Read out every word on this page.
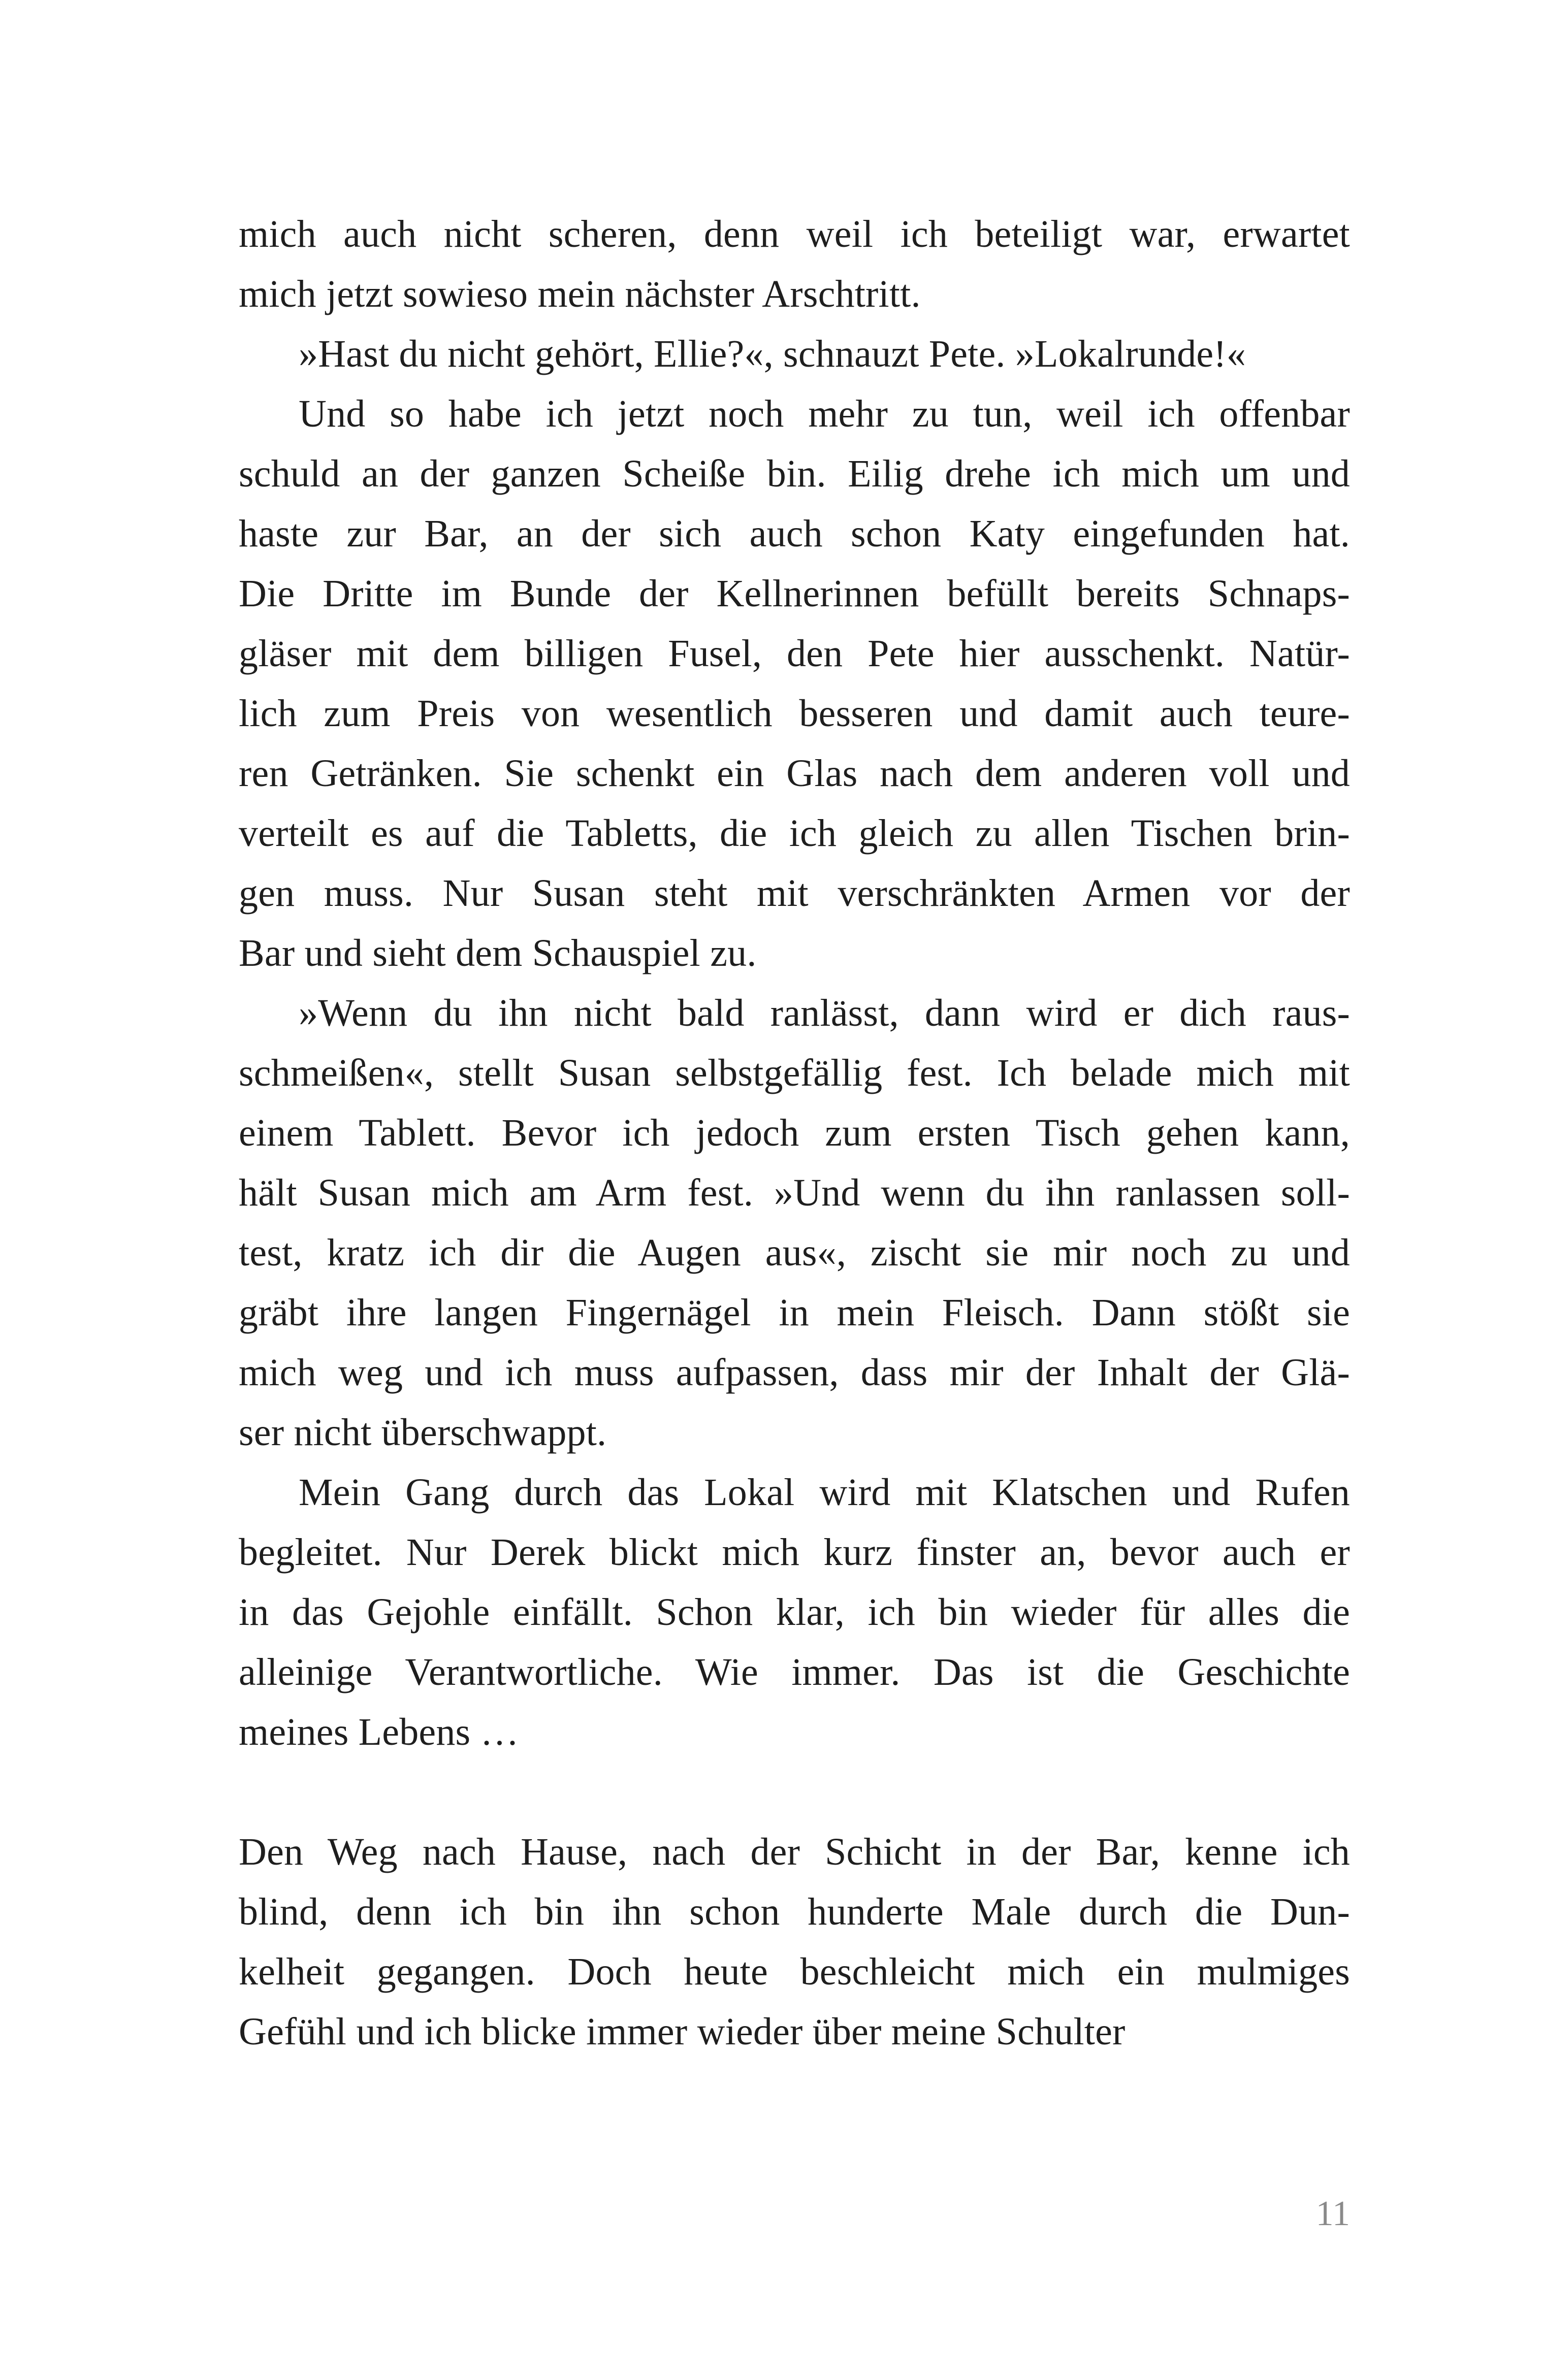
mich auch nicht scheren, denn weil ich beteiligt war, erwartet
mich jetzt sowieso mein nächster Arschtritt.
»Hast du nicht gehört, Ellie?«, schnauzt Pete. »Lokalrunde!«
Und so habe ich jetzt noch mehr zu tun, weil ich offenbar
schuld an der ganzen Scheiße bin. Eilig drehe ich mich um und
haste zur Bar, an der sich auch schon Katy eingefunden hat.
Die Dritte im Bunde der Kellnerinnen befüllt bereits Schnaps-
gläser mit dem billigen Fusel, den Pete hier ausschenkt. Natür-
lich zum Preis von wesentlich besseren und damit auch teure-
ren Getränken. Sie schenkt ein Glas nach dem anderen voll und
verteilt es auf die Tabletts, die ich gleich zu allen Tischen brin-
gen muss. Nur Susan steht mit verschränkten Armen vor der
Bar und sieht dem Schauspiel zu.
»Wenn du ihn nicht bald ranlässt, dann wird er dich raus-
schmeißen«, stellt Susan selbstgefällig fest. Ich belade mich mit
einem Tablett. Bevor ich jedoch zum ersten Tisch gehen kann,
hält Susan mich am Arm fest. »Und wenn du ihn ranlassen soll-
test, kratz ich dir die Augen aus«, zischt sie mir noch zu und
gräbt ihre langen Fingernägel in mein Fleisch. Dann stößt sie
mich weg und ich muss aufpassen, dass mir der Inhalt der Glä-
ser nicht überschwappt.
Mein Gang durch das Lokal wird mit Klatschen und Rufen
begleitet. Nur Derek blickt mich kurz finster an, bevor auch er
in das Gejohle einfällt. Schon klar, ich bin wieder für alles die
alleinige Verantwortliche. Wie immer. Das ist die Geschichte
meines Lebens …
Den Weg nach Hause, nach der Schicht in der Bar, kenne ich
blind, denn ich bin ihn schon hunderte Male durch die Dun-
kelheit gegangen. Doch heute beschleicht mich ein mulmiges
Gefühl und ich blicke immer wieder über meine Schulter
11
